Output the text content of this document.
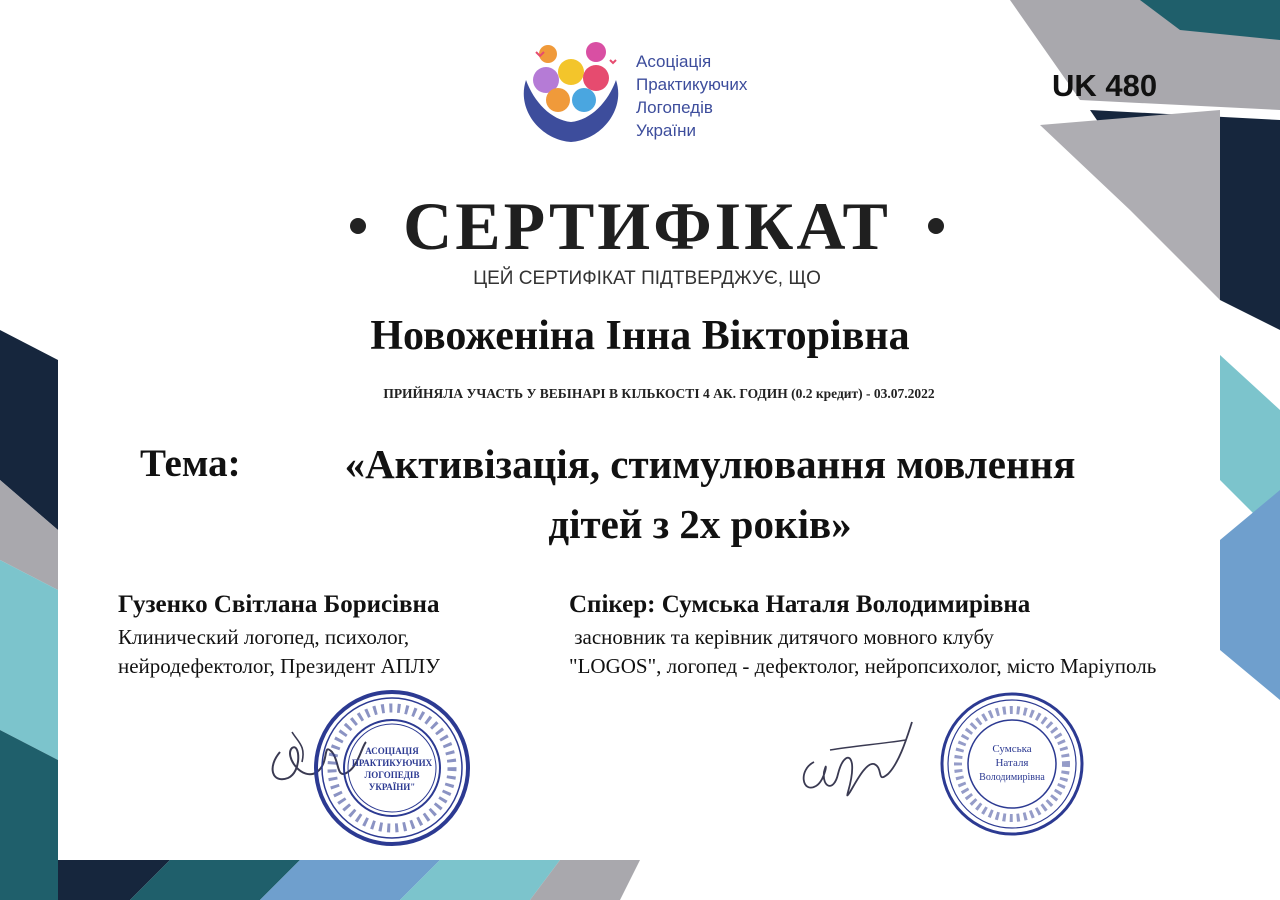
Асоціація
Практикуючих
Логопедів
України
UK 480
СЕРТИФІКАТ
ЦЕЙ СЕРТИФІКАТ ПІДТВЕРДЖУЄ, ЩО
Новоженіна Інна Вікторівна
ПРИЙНЯЛА УЧАСТЬ У ВЕБІНАРІ В КІЛЬКОСТІ 4 АК. ГОДИН (0.2 кредит) - 03.07.2022
Тема:	«Активізація, стимулювання мовлення
дітей з 2х років»
Гузенко Світлана Борисівна
Клинический логопед, психолог,
нейродефектолог, Президент АПЛУ
Спікер: Сумська Наталя Володимирівна
засновник та керівник дитячого мовного клубу
"LOGOS", логопед - дефектолог, нейропсихолог, місто Маріуполь
АСОЦІАЦІЯ
ПРАКТИКУЮЧИХ
ЛОГОПЕДІВ
УКРАЇНИ"
Сумська
Наталя
Володимирівна
